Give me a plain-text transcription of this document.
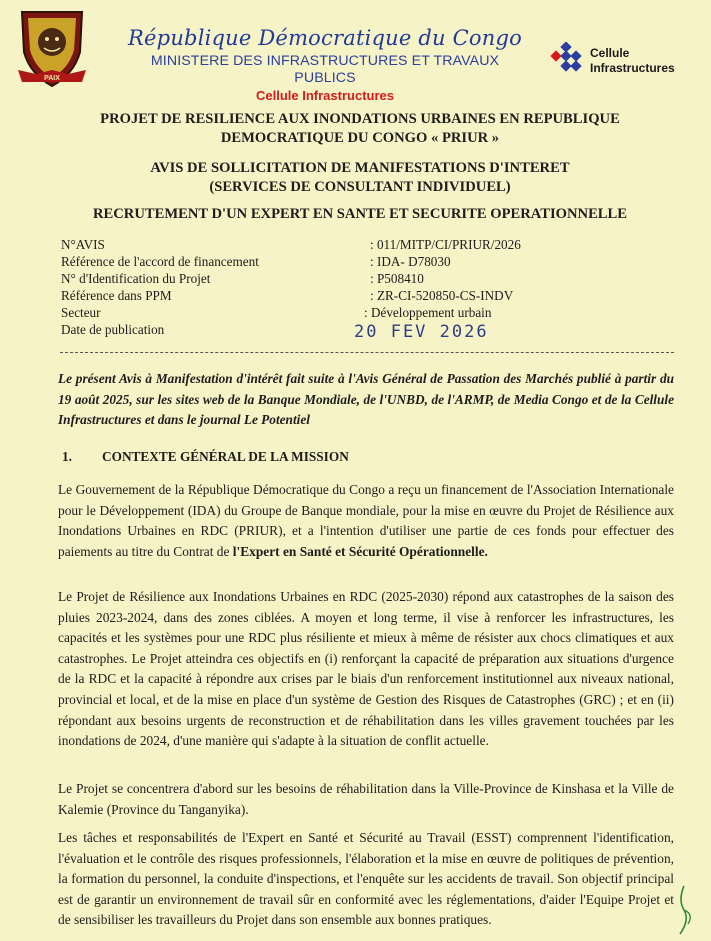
PAIX
République Démocratique du Congo
MINISTERE DES INFRASTRUCTURES ET TRAVAUX PUBLICS
Cellule Infrastructures
Cellule
Infrastructures
PROJET DE RESILIENCE AUX INONDATIONS URBAINES EN REPUBLIQUE DEMOCRATIQUE DU CONGO « PRIUR »
AVIS DE SOLLICITATION DE MANIFESTATIONS D'INTERET
(SERVICES DE CONSULTANT INDIVIDUEL)
RECRUTEMENT D'UN EXPERT EN SANTE ET SECURITE OPERATIONNELLE
N°AVIS	: 011/MITP/CI/PRIUR/2026
Référence de l'accord de financement	: IDA- D78030
N° d'Identification du Projet	: P508410
Référence dans PPM	: ZR-CI-520850-CS-INDV
Secteur	: Développement urbain
Date de publication	20 FEV 2026
Le présent Avis à Manifestation d'intérêt fait suite à l'Avis Général de Passation des Marchés publié à partir du 19 août 2025, sur les sites web de la Banque Mondiale, de l'UNBD, de l'ARMP, de Media Congo et de la Cellule Infrastructures et dans le journal Le Potentiel
1. CONTEXTE GÉNÉRAL DE LA MISSION
Le Gouvernement de la République Démocratique du Congo a reçu un financement de l'Association Internationale pour le Développement (IDA) du Groupe de Banque mondiale, pour la mise en œuvre du Projet de Résilience aux Inondations Urbaines en RDC (PRIUR), et a l'intention d'utiliser une partie de ces fonds pour effectuer des paiements au titre du Contrat de l'Expert en Santé et Sécurité Opérationnelle.
Le Projet de Résilience aux Inondations Urbaines en RDC (2025-2030) répond aux catastrophes de la saison des pluies 2023-2024, dans des zones ciblées. A moyen et long terme, il vise à renforcer les infrastructures, les capacités et les systèmes pour une RDC plus résiliente et mieux à même de résister aux chocs climatiques et aux catastrophes. Le Projet atteindra ces objectifs en (i) renforçant la capacité de préparation aux situations d'urgence de la RDC et la capacité à répondre aux crises par le biais d'un renforcement institutionnel aux niveaux national, provincial et local, et de la mise en place d'un système de Gestion des Risques de Catastrophes (GRC) ; et en (ii) répondant aux besoins urgents de reconstruction et de réhabilitation dans les villes gravement touchées par les inondations de 2024, d'une manière qui s'adapte à la situation de conflit actuelle.
Le Projet se concentrera d'abord sur les besoins de réhabilitation dans la Ville-Province de Kinshasa et la Ville de Kalemie (Province du Tanganyika).
Les tâches et responsabilités de l'Expert en Santé et Sécurité au Travail (ESST) comprennent l'identification, l'évaluation et le contrôle des risques professionnels, l'élaboration et la mise en œuvre de politiques de prévention, la formation du personnel, la conduite d'inspections, et l'enquête sur les accidents de travail. Son objectif principal est de garantir un environnement de travail sûr en conformité avec les réglementations, d'aider l'Equipe Projet et de sensibiliser les travailleurs du Projet dans son ensemble aux bonnes pratiques.
